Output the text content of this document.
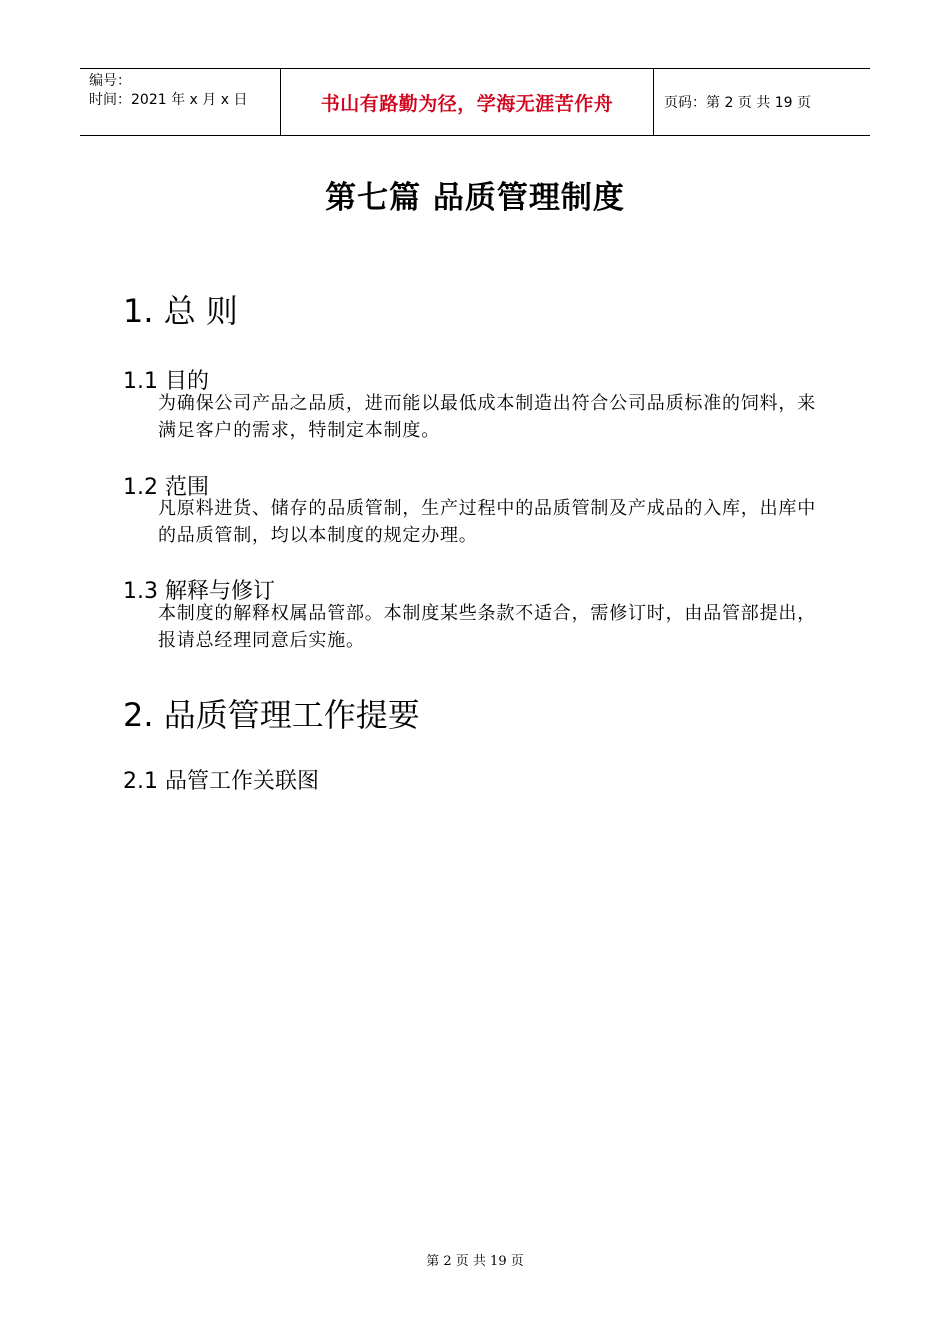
编号：
时间：2021 年 x 月 x 日	书山有路勤为径，学海无涯苦作舟	页码：第 2 页 共 19 页
第七篇 品质管理制度
1. 总 则
1.1 目的
为确保公司产品之品质，进而能以最低成本制造出符合公司品质标准的饲料，来满足客户的需求，特制定本制度。
1.2 范围
凡原料进货、储存的品质管制，生产过程中的品质管制及产成品的入库，出库中的品质管制，均以本制度的规定办理。
1.3 解释与修订
本制度的解释权属品管部。本制度某些条款不适合，需修订时，由品管部提出，报请总经理同意后实施。
2. 品质管理工作提要
2.1 品管工作关联图
第 2 页 共 19 页
